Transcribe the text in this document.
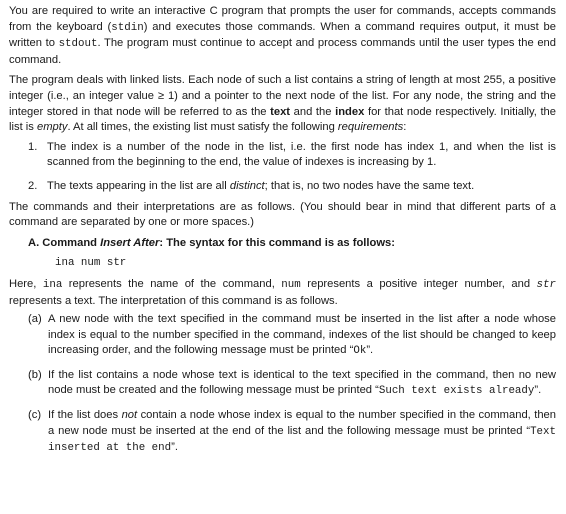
You are required to write an interactive C program that prompts the user for commands, accepts commands from the keyboard (stdin) and executes those commands. When a command requires output, it must be written to stdout. The program must continue to accept and process commands until the user types the end command.

The program deals with linked lists. Each node of such a list contains a string of length at most 255, a positive integer (i.e., an integer value ≥ 1) and a pointer to the next node of the list. For any node, the string and the integer stored in that node will be referred to as the text and the index for that node respectively. Initially, the list is empty. At all times, the existing list must satisfy the following requirements:

1. The index is a number of the node in the list, i.e. the first node has index 1, and when the list is scanned from the beginning to the end, the value of indexes is increasing by 1.
2. The texts appearing in the list are all distinct; that is, no two nodes have the same text.

The commands and their interpretations are as follows. (You should bear in mind that different parts of a command are separated by one or more spaces.)

A. Command Insert After: The syntax for this command is as follows:
ina num str

Here, ina represents the name of the command, num represents a positive integer number, and str represents a text. The interpretation of this command is as follows.

(a) A new node with the text specified in the command must be inserted in the list after a node whose index is equal to the number specified in the command, indexes of the list should be changed to keep increasing order, and the following message must be printed “Ok”.
(b) If the list contains a node whose text is identical to the text specified in the command, then no new node must be created and the following message must be printed “Such text exists already”.
(c) If the list does not contain a node whose index is equal to the number specified in the command, then a new node must be inserted at the end of the list and the following message must be printed “Text inserted at the end”.
